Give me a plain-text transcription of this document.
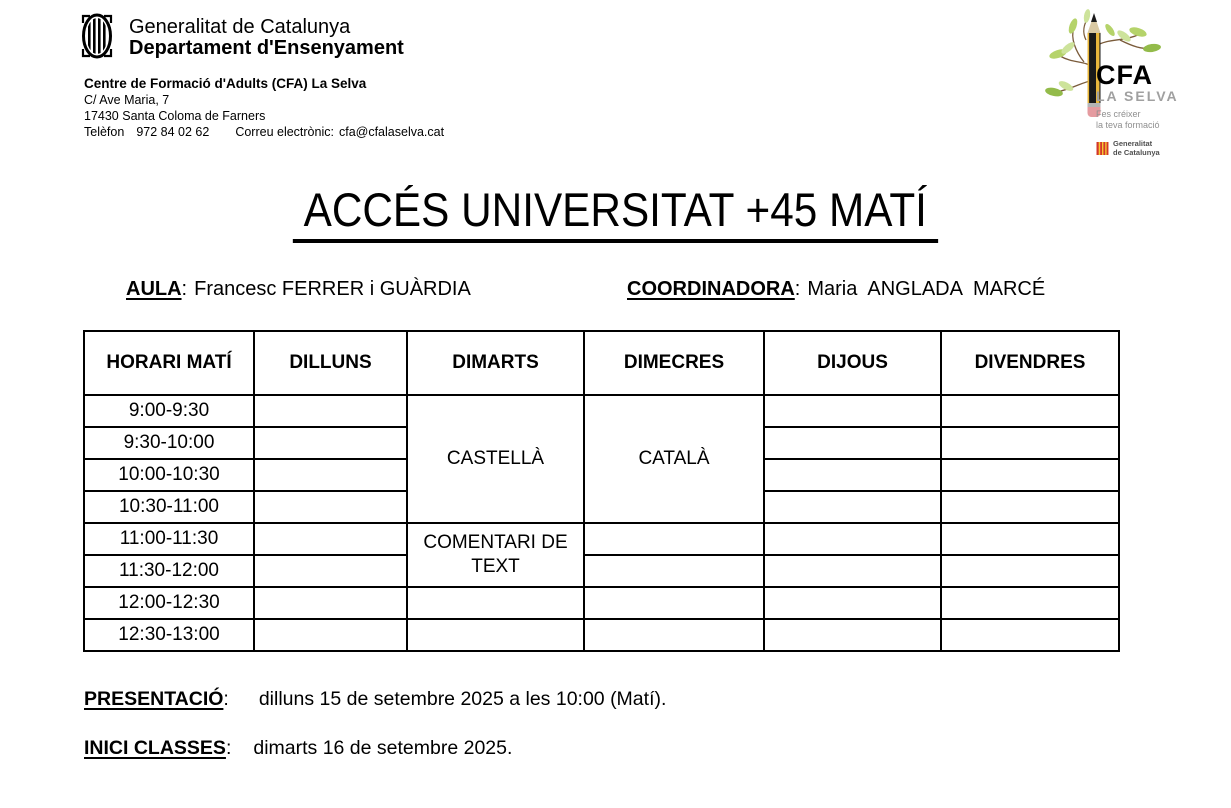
Generalitat de Catalunya
Departament d'Ensenyament
Centre de Formació d'Adults (CFA) La Selva
C/ Ave Maria, 7
17430 Santa Coloma de Farners
Telèfon 972 84 02 62 Correu electrònic: cfa@cfalaselva.cat
CFA
LA SELVA
Fes créixer
la teva formació
Generalitat
de Catalunya
ACCÉS UNIVERSITAT +45 MATÍ
AULA: Francesc FERRER i GUÀRDIA	COORDINADORA: Maria  ANGLADA  MARCÉ
HORARI MATÍ	DILLUNS	DIMARTS	DIMECRES	DIJOUS	DIVENDRES
9:00-9:30		CASTELLÀ	CATALÀ		
9:30-10:00					
10:00-10:30					
10:30-11:00					
11:00-11:30		COMENTARI DE TEXT			
11:30-12:00					
12:00-12:30					
12:30-13:00					
PRESENTACIÓ: dilluns 15 de setembre 2025 a les 10:00 (Matí).
INICI CLASSES: dimarts 16 de setembre 2025.
